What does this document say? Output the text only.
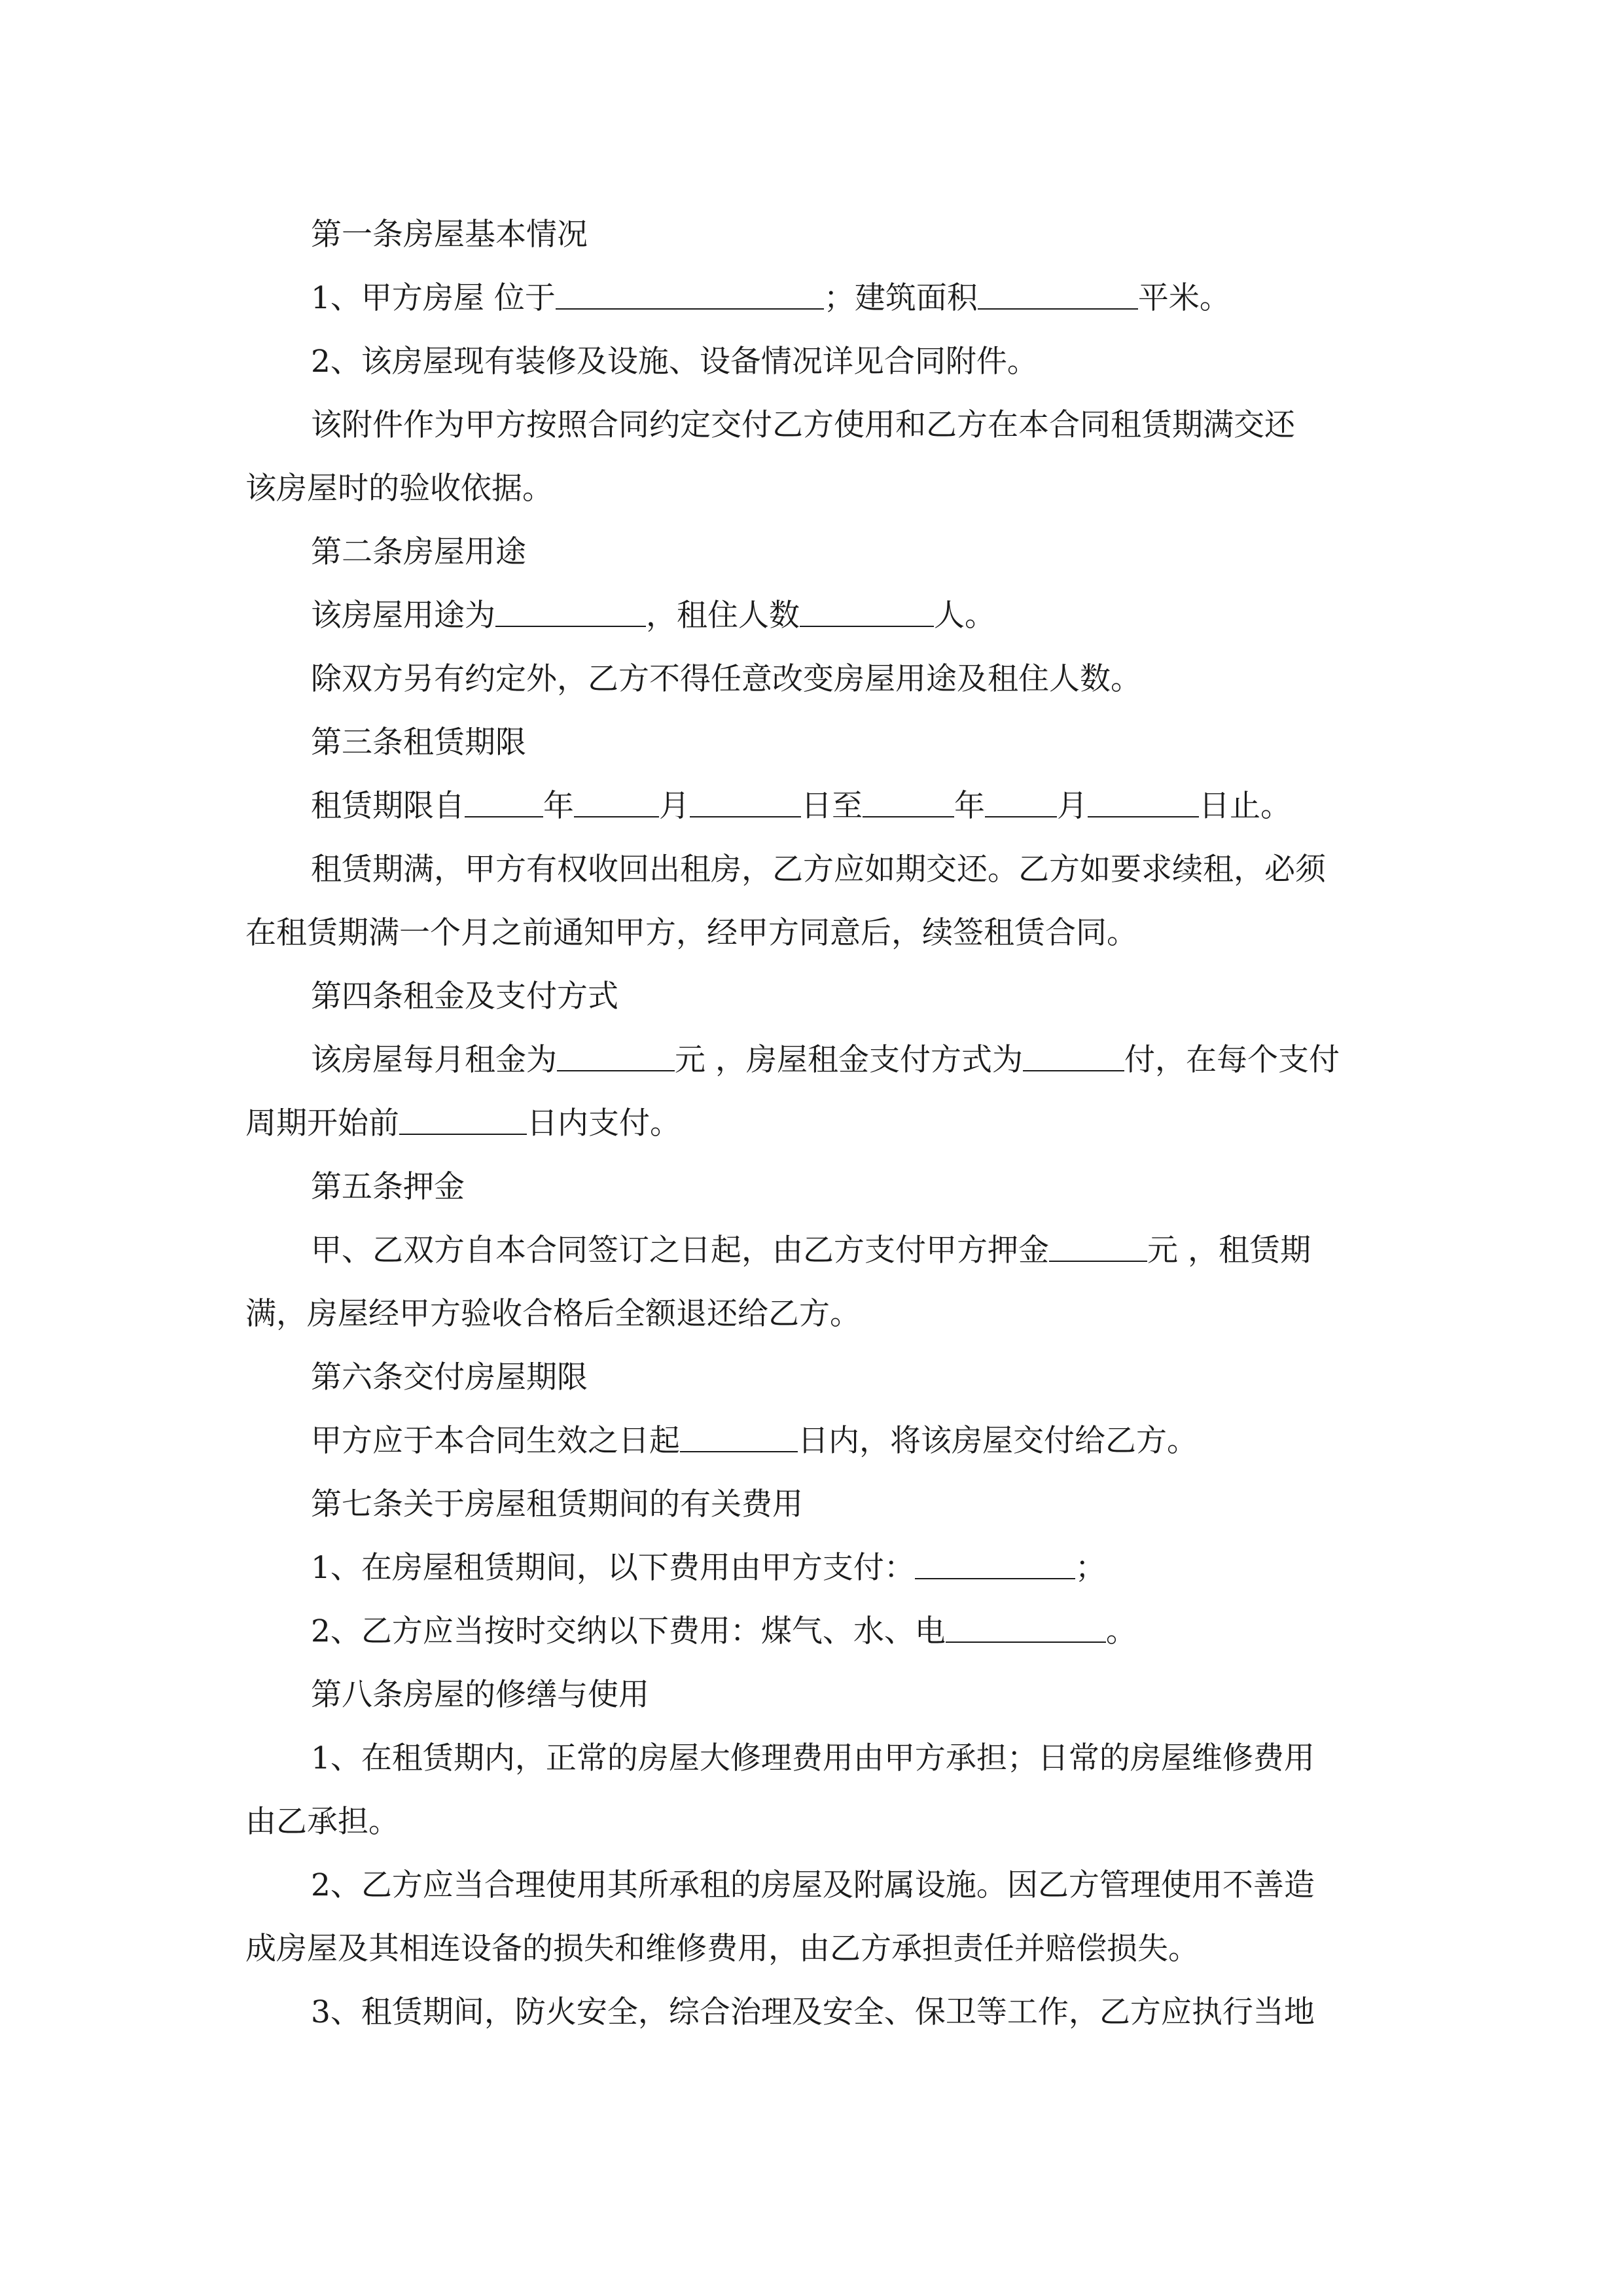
第一条房屋基本情况

1、甲方房屋 位于	；建筑面积	平米。

2、该房屋现有装修及设施、设备情况详见合同附件。

该附件作为甲方按照合同约定交付乙方使用和乙方在本合同租赁期满交还

该房屋时的验收依据。

第二条房屋用途

该房屋用途为	，租住人数	人。

除双方另有约定外，乙方不得任意改变房屋用途及租住人数。

第三条租赁期限

租赁期限自	年	月	日至	年 月	日止。

租赁期满，甲方有权收回出租房，乙方应如期交还。乙方如要求续租，必须

在租赁期满一个月之前通知甲方，经甲方同意后，续签租赁合同。

第四条租金及支付方式

该房屋每月租金为	元 ，房屋租金支付方式为	付，在每个支付

周期开始前	日内支付。

第五条押金

甲、乙双方自本合同签订之日起，由乙方支付甲方押金	元 ，租赁期

满，房屋经甲方验收合格后全额退还给乙方。

第六条交付房屋期限

甲方应于本合同生效之日起	日内，将该房屋交付给乙方。

第七条关于房屋租赁期间的有关费用

1、在房屋租赁期间，以下费用由甲方支付：	；

2、乙方应当按时交纳以下费用：煤气、水、电	。

第八条房屋的修缮与使用

1、在租赁期内，正常的房屋大修理费用由甲方承担；日常的房屋维修费用

由乙承担。

2、乙方应当合理使用其所承租的房屋及附属设施。因乙方管理使用不善造

成房屋及其相连设备的损失和维修费用，由乙方承担责任并赔偿损失。

3、租赁期间，防火安全，综合治理及安全、保卫等工作，乙方应执行当地
